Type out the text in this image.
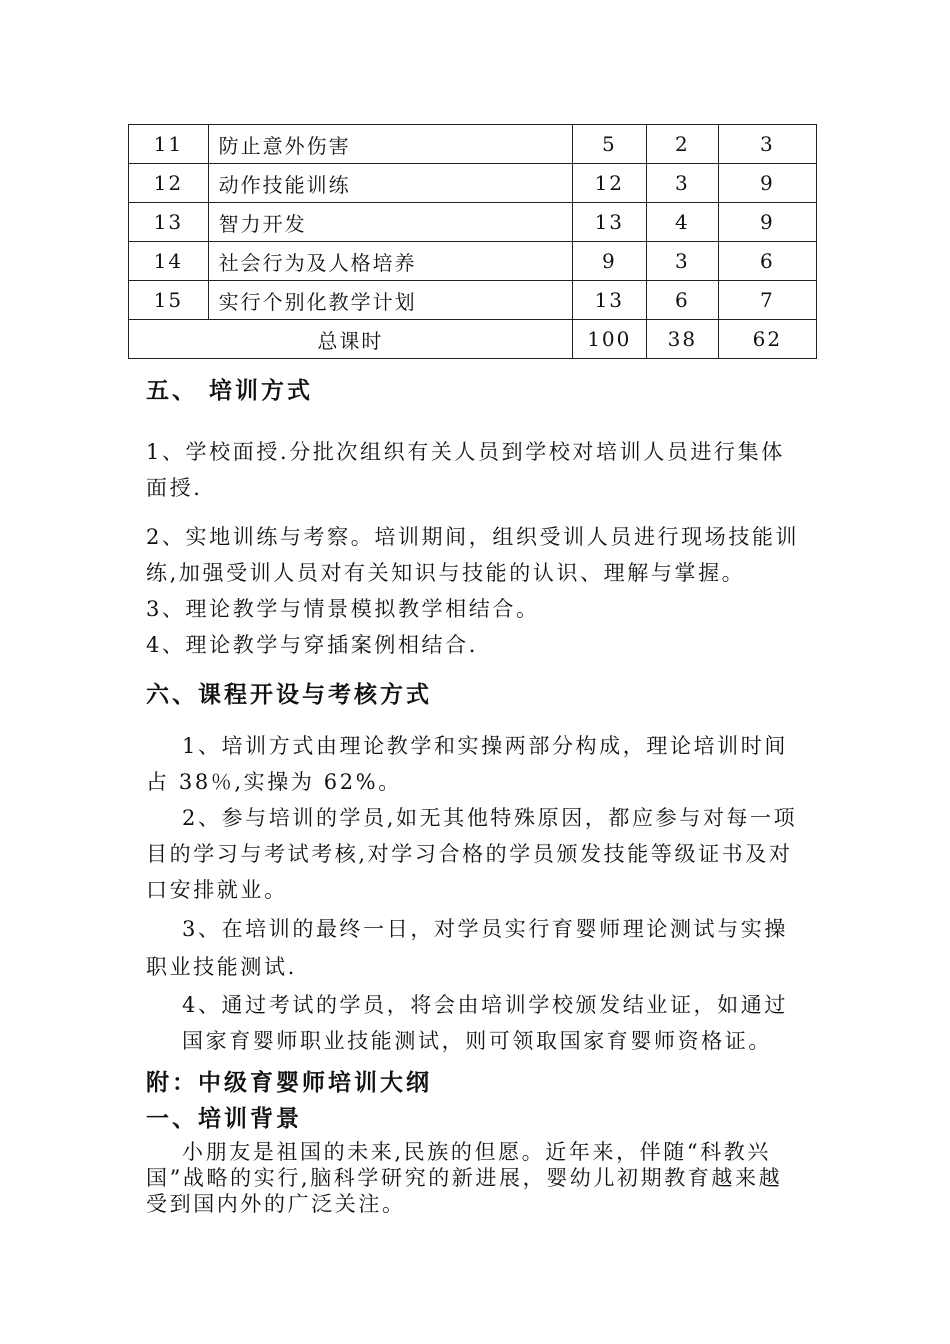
11	防止意外伤害	5	2	3
12	动作技能训练	12	3	9
13	智力开发	13	4	9
14	社会行为及人格培养	9	3	6
15	实行个别化教学计划	13	6	7
总课时		100	38	62
五、 培训方式
1、学校面授.分批次组织有关人员到学校对培训人员进行集体
面授.
2、实地训练与考察。培训期间，组织受训人员进行现场技能训
练,加强受训人员对有关知识与技能的认识、理解与掌握。
3、理论教学与情景模拟教学相结合。
4、理论教学与穿插案例相结合.
六、课程开设与考核方式
1、培训方式由理论教学和实操两部分构成，理论培训时间
占 38％,实操为 62%。
2、参与培训的学员,如无其他特殊原因，都应参与对每一项
目的学习与考试考核,对学习合格的学员颁发技能等级证书及对
口安排就业。
3、在培训的最终一日，对学员实行育婴师理论测试与实操
职业技能测试.
4、通过考试的学员，将会由培训学校颁发结业证，如通过
国家育婴师职业技能测试，则可领取国家育婴师资格证。
附：中级育婴师培训大纲
一、培训背景
小朋友是祖国的未来,民族的但愿。近年来，伴随“科教兴
国”战略的实行,脑科学研究的新进展，婴幼儿初期教育越来越
受到国内外的广泛关注。
